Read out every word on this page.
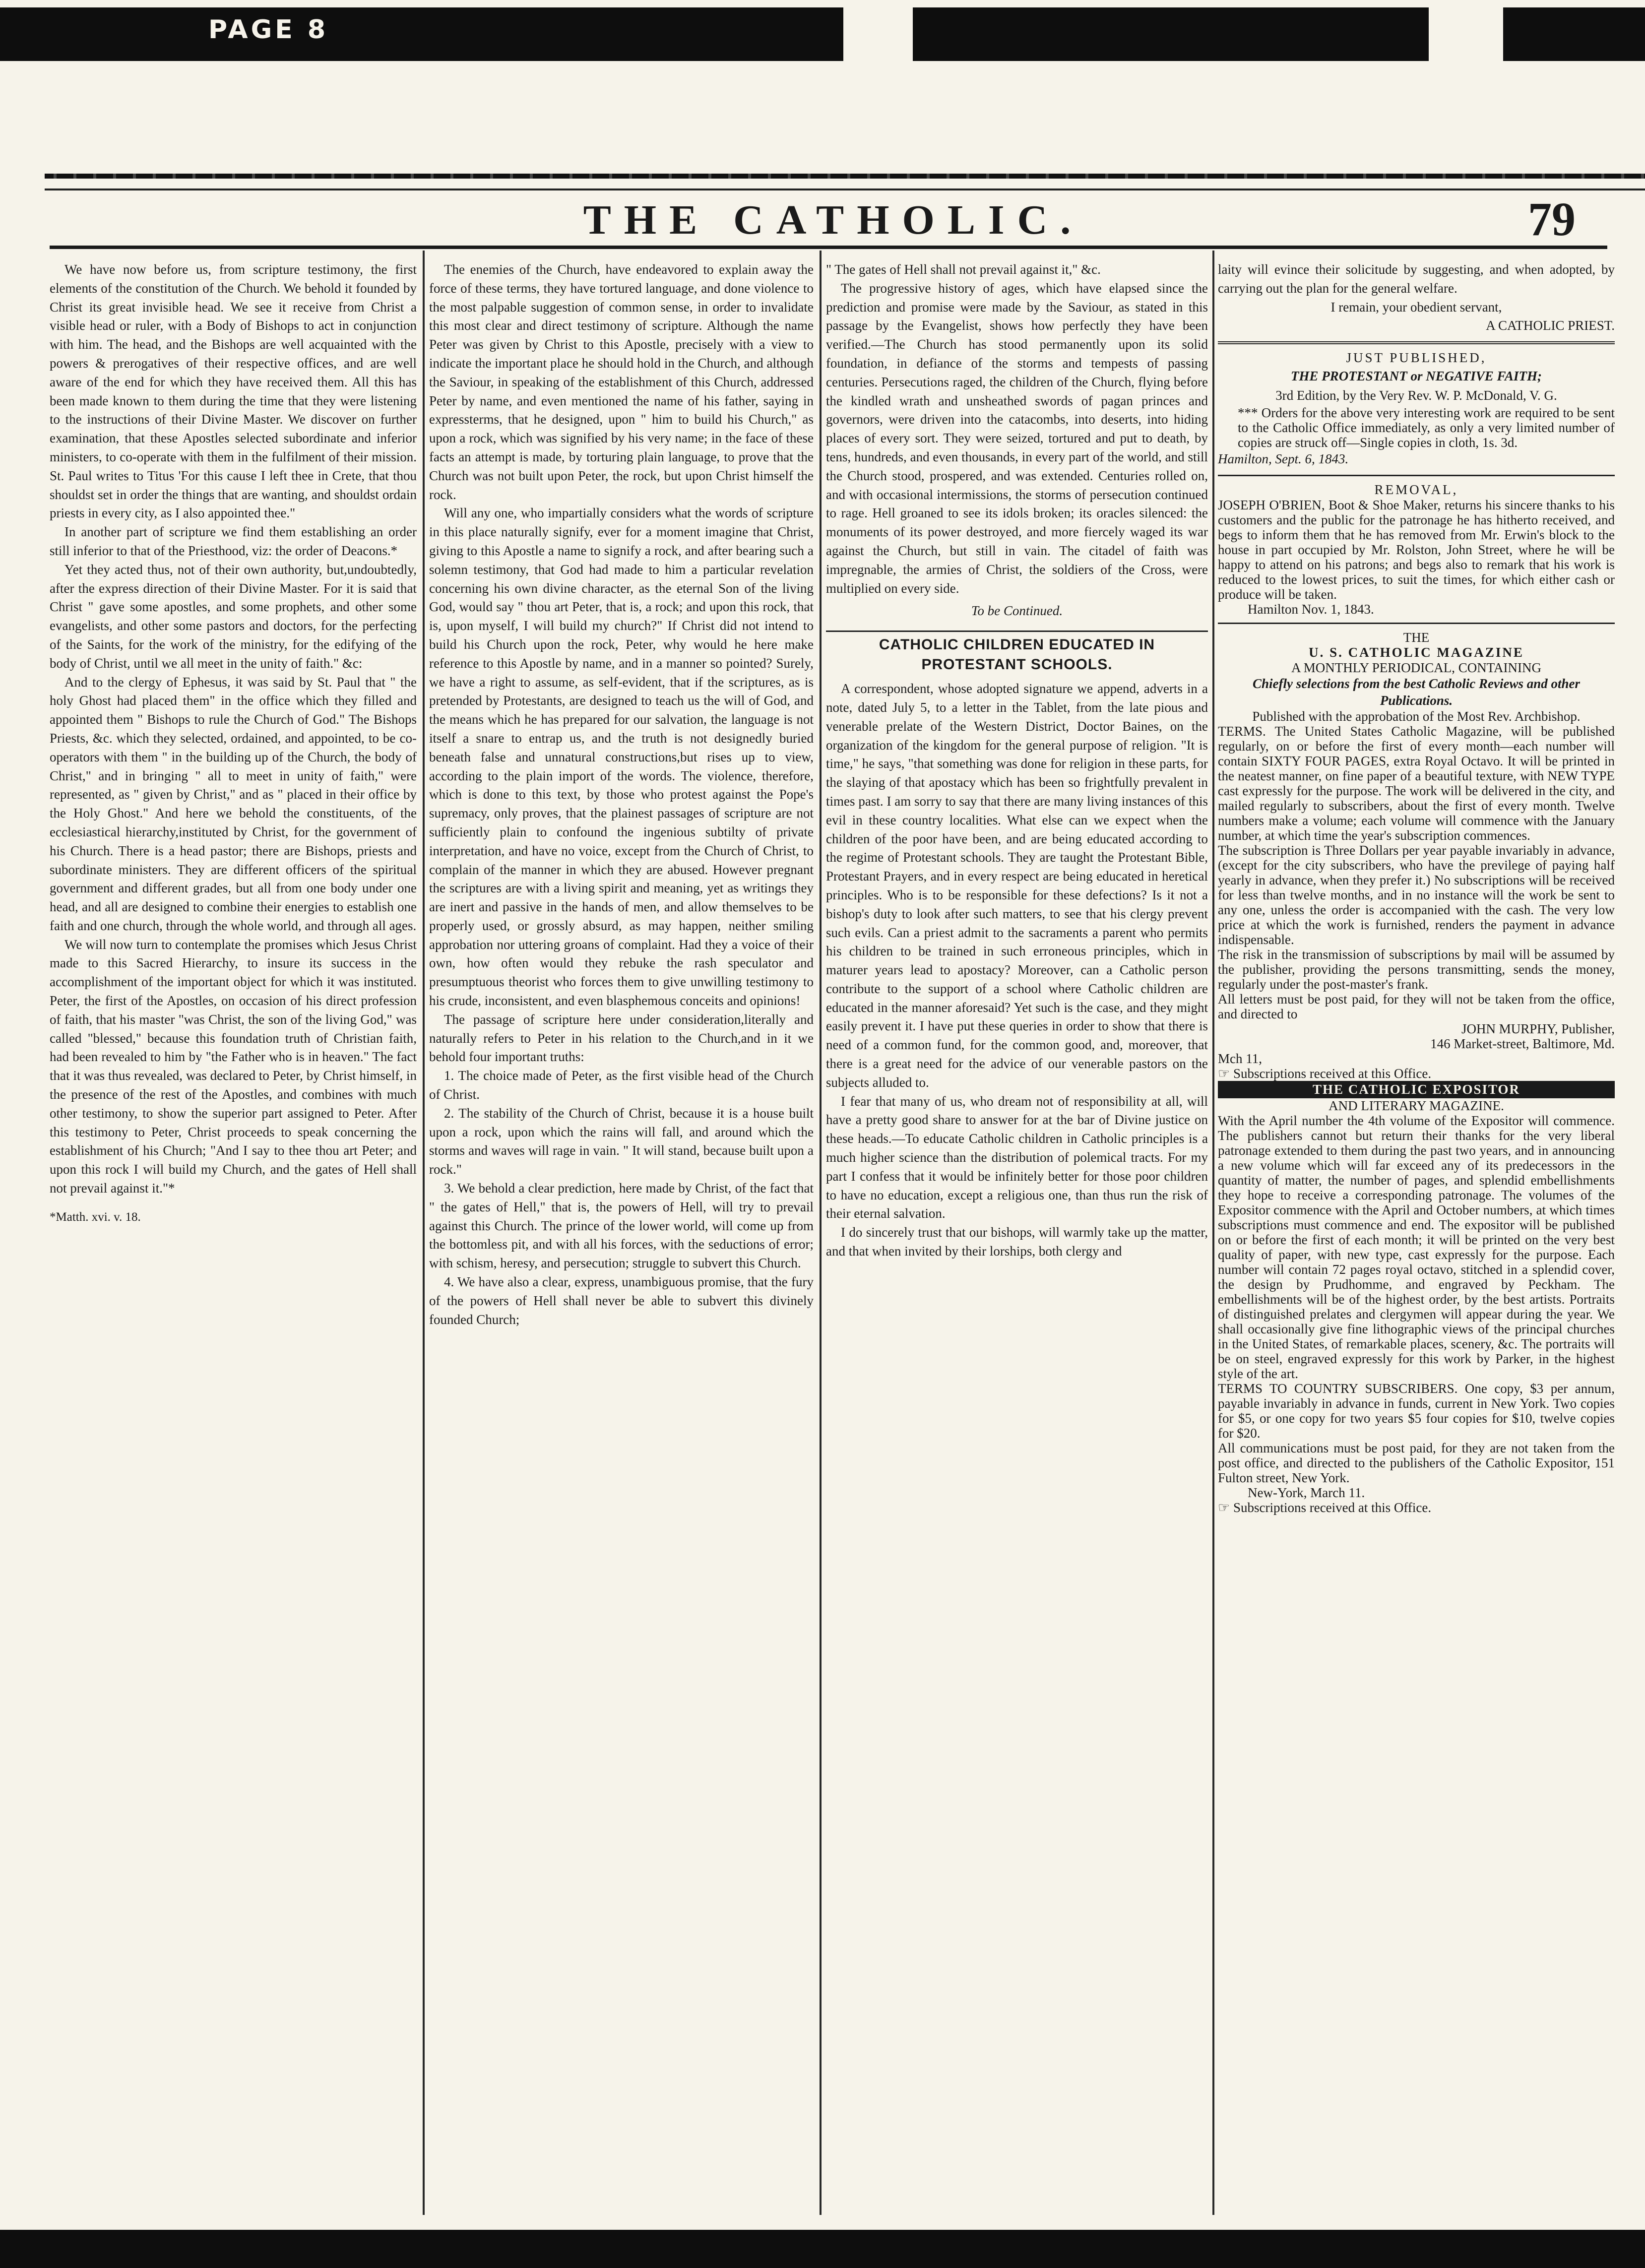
PAGE 8
THE CATHOLIC.	79

We have now before us, from scripture testimony, the first elements of the constitution of the Church. We behold it founded by Christ its great invisible head. We see it receive from Christ a visible head or ruler, with a Body of Bishops to act in conjunction with him. The head, and the Bishops are well acquainted with the powers & prerogatives of their respective offices, and are well aware of the end for which they have received them. All this has been made known to them during the time that they were listening to the instructions of their Divine Master. We discover on further examination, that these Apostles selected subordinate and inferior ministers, to co-operate with them in the fulfilment of their mission. St. Paul writes to Titus 'For this cause I left thee in Crete, that thou shouldst set in order the things that are wanting, and shouldst ordain priests in every city, as I also appointed thee."

In another part of scripture we find them establishing an order still inferior to that of the Priesthood, viz: the order of Deacons.*

Yet they acted thus, not of their own authority, but,undoubtedly, after the express direction of their Divine Master. For it is said that Christ " gave some apostles, and some prophets, and other some evangelists, and other some pastors and doctors, for the perfecting of the Saints, for the work of the ministry, for the edifying of the body of Christ, until we all meet in the unity of faith." &c:

And to the clergy of Ephesus, it was said by St. Paul that " the holy Ghost had placed them" in the office which they filled and appointed them " Bishops to rule the Church of God." The Bishops Priests, &c. which they selected, ordained, and appointed, to be co-operators with them " in the building up of the Church, the body of Christ," and in bringing " all to meet in unity of faith," were represented, as " given by Christ," and as " placed in their office by the Holy Ghost." And here we behold the constituents, of the ecclesiastical hierarchy,instituted by Christ, for the government of his Church. There is a head pastor; there are Bishops, priests and subordinate ministers. They are different officers of the spiritual government and different grades, but all from one body under one head, and all are designed to combine their energies to establish one faith and one church, through the whole world, and through all ages.

We will now turn to contemplate the promises which Jesus Christ made to this Sacred Hierarchy, to insure its success in the accomplishment of the important object for which it was instituted. Peter, the first of the Apostles, on occasion of his direct profession of faith, that his master "was Christ, the son of the living God," was called "blessed," because this foundation truth of Christian faith, had been revealed to him by "the Father who is in heaven." The fact that it was thus revealed, was declared to Peter, by Christ himself, in the presence of the rest of the Apostles, and combines with much other testimony, to show the superior part assigned to Peter. After this testimony to Peter, Christ proceeds to speak concerning the establishment of his Church; "And I say to thee thou art Peter; and upon this rock I will build my Church, and the gates of Hell shall not prevail against it."*

*Matth. xvi. v. 18.

The enemies of the Church, have endeavored to explain away the force of these terms, they have tortured language, and done violence to the most palpable suggestion of common sense, in order to invalidate this most clear and direct testimony of scripture. Although the name Peter was given by Christ to this Apostle, precisely with a view to indicate the important place he should hold in the Church, and although the Saviour, in speaking of the establishment of this Church, addressed Peter by name, and even mentioned the name of his father, saying in expressterms, that he designed, upon " him to build his Church," as upon a rock, which was signified by his very name; in the face of these facts an attempt is made, by torturing plain language, to prove that the Church was not built upon Peter, the rock, but upon Christ himself the rock.

Will any one, who impartially considers what the words of scripture in this place naturally signify, ever for a moment imagine that Christ, giving to this Apostle a name to signify a rock, and after bearing such a solemn testimony, that God had made to him a particular revelation concerning his own divine character, as the eternal Son of the living God, would say " thou art Peter, that is, a rock; and upon this rock, that is, upon myself, I will build my church?" If Christ did not intend to build his Church upon the rock, Peter, why would he here make reference to this Apostle by name, and in a manner so pointed? Surely, we have a right to assume, as self-evident, that if the scriptures, as is pretended by Protestants, are designed to teach us the will of God, and the means which he has prepared for our salvation, the language is not itself a snare to entrap us, and the truth is not designedly buried beneath false and unnatural constructions,but rises up to view, according to the plain import of the words. The violence, therefore, which is done to this text, by those who protest against the Pope's supremacy, only proves, that the plainest passages of scripture are not sufficiently plain to confound the ingenious subtilty of private interpretation, and have no voice, except from the Church of Christ, to complain of the manner in which they are abused. However pregnant the scriptures are with a living spirit and meaning, yet as writings they are inert and passive in the hands of men, and allow themselves to be properly used, or grossly absurd, as may happen, neither smiling approbation nor uttering groans of complaint. Had they a voice of their own, how often would they rebuke the rash speculator and presumptuous theorist who forces them to give unwilling testimony to his crude, inconsistent, and even blasphemous conceits and opinions!

The passage of scripture here under consideration,literally and naturally refers to Peter in his relation to the Church,and in it we behold four important truths:

1. The choice made of Peter, as the first visible head of the Church of Christ.

2. The stability of the Church of Christ, because it is a house built upon a rock, upon which the rains will fall, and around which the storms and waves will rage in vain. " It will stand, because built upon a rock."

3. We behold a clear prediction, here made by Christ, of the fact that " the gates of Hell," that is, the powers of Hell, will try to prevail against this Church. The prince of the lower world, will come up from the bottomless pit, and with all his forces, with the seductions of error; with schism, heresy, and persecution; struggle to subvert this Church.

4. We have also a clear, express, unambiguous promise, that the fury of the powers of Hell shall never be able to subvert this divinely founded Church;

" The gates of Hell shall not prevail against it," &c.

The progressive history of ages, which have elapsed since the prediction and promise were made by the Saviour, as stated in this passage by the Evangelist, shows how perfectly they have been verified.—The Church has stood permanently upon its solid foundation, in defiance of the storms and tempests of passing centuries. Persecutions raged, the children of the Church, flying before the kindled wrath and unsheathed swords of pagan princes and governors, were driven into the catacombs, into deserts, into hiding places of every sort. They were seized, tortured and put to death, by tens, hundreds, and even thousands, in every part of the world, and still the Church stood, prospered, and was extended. Centuries rolled on, and with occasional intermissions, the storms of persecution continued to rage. Hell groaned to see its idols broken; its oracles silenced: the monuments of its power destroyed, and more fiercely waged its war against the Church, but still in vain. The citadel of faith was impregnable, the armies of Christ, the soldiers of the Cross, were multiplied on every side.

To be Continued.
CATHOLIC CHILDREN EDUCATED IN PROTESTANT SCHOOLS.

A correspondent, whose adopted signature we append, adverts in a note, dated July 5, to a letter in the Tablet, from the late pious and venerable prelate of the Western District, Doctor Baines, on the organization of the kingdom for the general purpose of religion. "It is time," he says, "that something was done for religion in these parts, for the slaying of that apostacy which has been so frightfully prevalent in times past. I am sorry to say that there are many living instances of this evil in these country localities. What else can we expect when the children of the poor have been, and are being educated according to the regime of Protestant schools. They are taught the Protestant Bible, Protestant Prayers, and in every respect are being educated in heretical principles. Who is to be responsible for these defections? Is it not a bishop's duty to look after such matters, to see that his clergy prevent such evils. Can a priest admit to the sacraments a parent who permits his children to be trained in such erroneous principles, which in maturer years lead to apostacy? Moreover, can a Catholic person contribute to the support of a school where Catholic children are educated in the manner aforesaid? Yet such is the case, and they might easily prevent it. I have put these queries in order to show that there is need of a common fund, for the common good, and, moreover, that there is a great need for the advice of our venerable pastors on the subjects alluded to.

I fear that many of us, who dream not of responsibility at all, will have a pretty good share to answer for at the bar of Divine justice on these heads.—To educate Catholic children in Catholic principles is a much higher science than the distribution of polemical tracts. For my part I confess that it would be infinitely better for those poor children to have no education, except a religious one, than thus run the risk of their eternal salvation.

I do sincerely trust that our bishops, will warmly take up the matter, and that when invited by their lorships, both clergy and

laity will evince their solicitude by suggesting, and when adopted, by carrying out the plan for the general welfare.

I remain, your obedient servant,
A CATHOLIC PRIEST.
JUST PUBLISHED,
THE PROTESTANT or NEGATIVE FAITH;
3rd Edition, by the Very Rev. W. P. McDonald, V. G.
*** Orders for the above very interesting work are required to be sent to the Catholic Office immediately, as only a very limited number of copies are struck off—Single copies in cloth, 1s. 3d.
Hamilton, Sept. 6, 1843.
REMOVAL,
JOSEPH O'BRIEN, Boot & Shoe Maker, returns his sincere thanks to his customers and the public for the patronage he has hitherto received, and begs to inform them that he has removed from Mr. Erwin's block to the house in part occupied by Mr. Rolston, John Street, where he will be happy to attend on his patrons; and begs also to remark that his work is reduced to the lowest prices, to suit the times, for which either cash or produce will be taken.
Hamilton Nov. 1, 1843.
THE
U. S. CATHOLIC MAGAZINE
A MONTHLY PERIODICAL, CONTAINING
Chiefly selections from the best Catholic Reviews and other Publications.
Published with the approbation of the Most Rev. Archbishop.
TERMS. The United States Catholic Magazine, will be published regularly, on or before the first of every month—each number will contain SIXTY FOUR PAGES, extra Royal Octavo. It will be printed in the neatest manner, on fine paper of a beautiful texture, with NEW TYPE cast expressly for the purpose. The work will be delivered in the city, and mailed regularly to subscribers, about the first of every month. Twelve numbers make a volume; each volume will commence with the January number, at which time the year's subscription commences.
The subscription is Three Dollars per year payable invariably in advance, (except for the city subscribers, who have the previlege of paying half yearly in advance, when they prefer it.) No subscriptions will be received for less than twelve months, and in no instance will the work be sent to any one, unless the order is accompanied with the cash. The very low price at which the work is furnished, renders the payment in advance indispensable.
The risk in the transmission of subscriptions by mail will be assumed by the publisher, providing the persons transmitting, sends the money, regularly under the post-master's frank.
All letters must be post paid, for they will not be taken from the office, and directed to
JOHN MURPHY, Publisher,
146 Market-street, Baltimore, Md.
Mch 11,
☞ Subscriptions received at this Office.
THE CATHOLIC EXPOSITOR
AND LITERARY MAGAZINE.
With the April number the 4th volume of the Expositor will commence. The publishers cannot but return their thanks for the very liberal patronage extended to them during the past two years, and in announcing a new volume which will far exceed any of its predecessors in the quantity of matter, the number of pages, and splendid embellishments they hope to receive a corresponding patronage. The volumes of the Expositor commence with the April and October numbers, at which times subscriptions must commence and end. The expositor will be published on or before the first of each month; it will be printed on the very best quality of paper, with new type, cast expressly for the purpose. Each number will contain 72 pages royal octavo, stitched in a splendid cover, the design by Prudhomme, and engraved by Peckham. The embellishments will be of the highest order, by the best artists. Portraits of distinguished prelates and clergymen will appear during the year. We shall occasionally give fine lithographic views of the principal churches in the United States, of remarkable places, scenery, &c. The portraits will be on steel, engraved expressly for this work by Parker, in the highest style of the art.
TERMS TO COUNTRY SUBSCRIBERS. One copy, $3 per annum, payable invariably in advance in funds, current in New York. Two copies for $5, or one copy for two years $5 four copies for $10, twelve copies for $20.
All communications must be post paid, for they are not taken from the post office, and directed to the publishers of the Catholic Expositor, 151 Fulton street, New York.
New-York, March 11.
☞ Subscriptions received at this Office.
